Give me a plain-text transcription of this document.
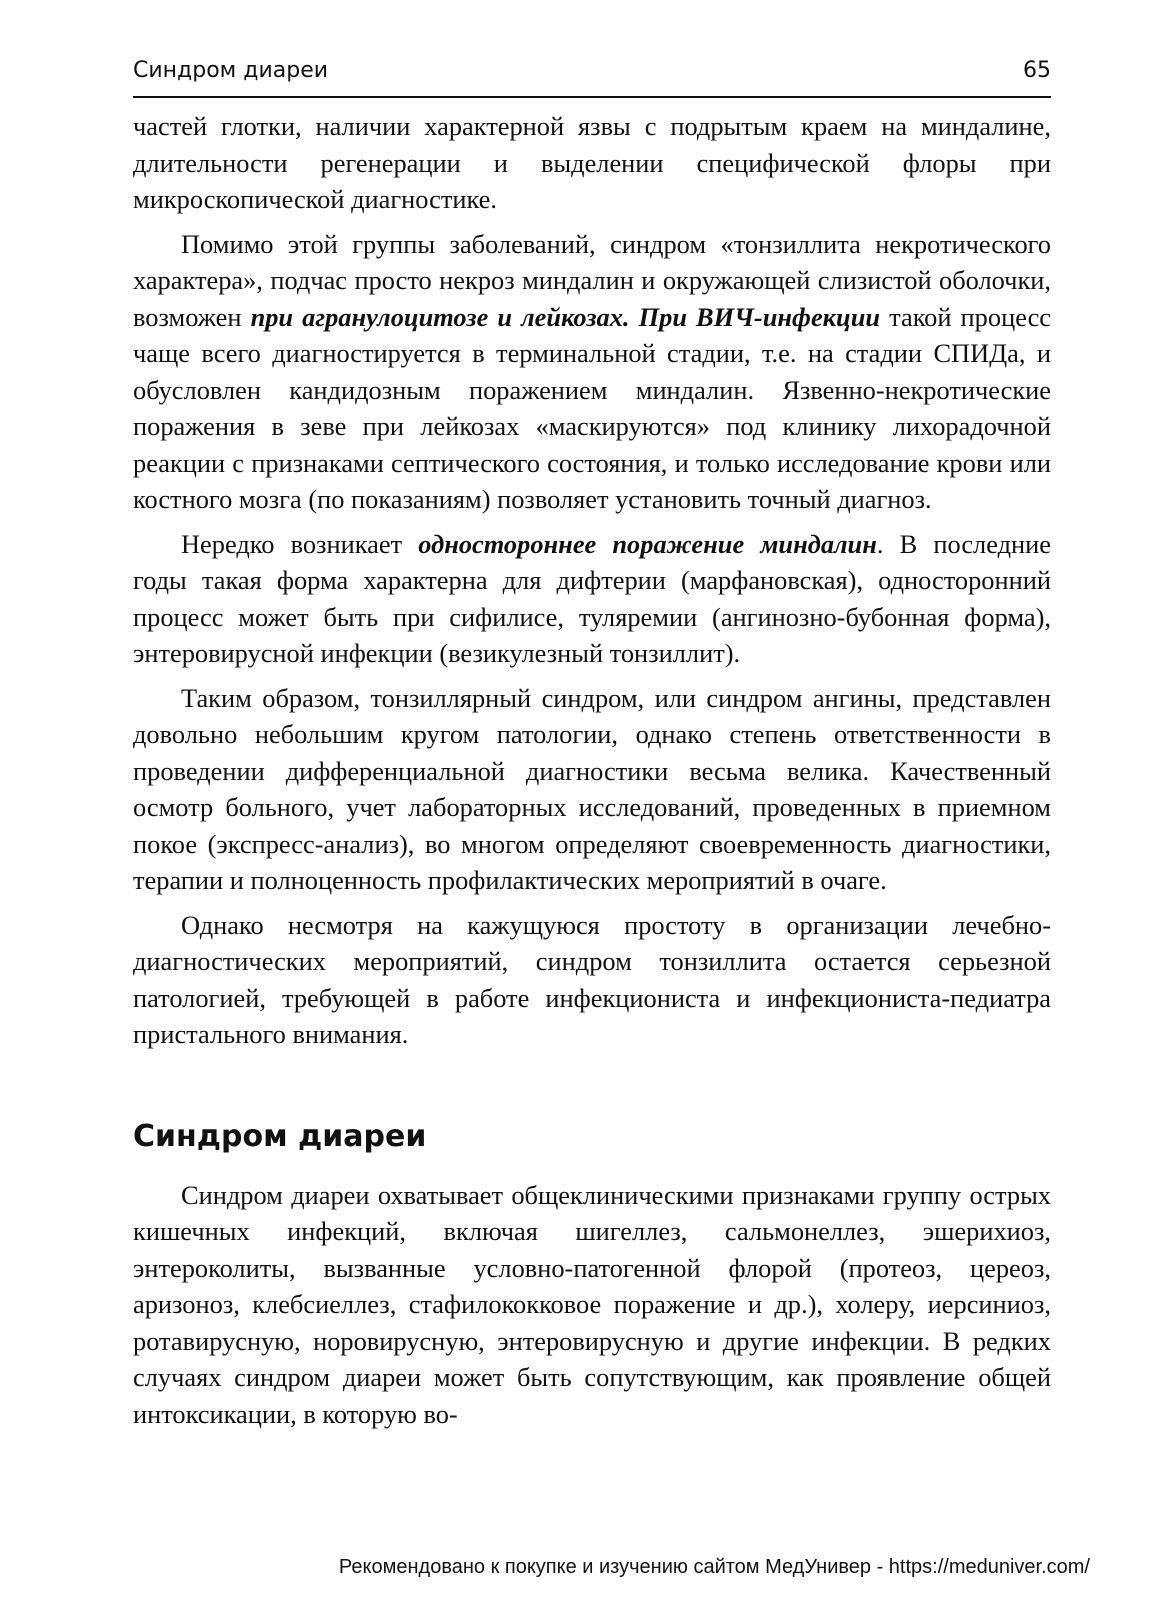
Синдром диареи	65

частей глотки, наличии характерной язвы с подрытым краем на миндалине, длительности регенерации и выделении специфической флоры при микроскопической диагностике.

Помимо этой группы заболеваний, синдром «тонзиллита некротического характера», подчас просто некроз миндалин и окружающей слизистой оболочки, возможен при агранулоцитозе и лейкозах. При ВИЧ-инфекции такой процесс чаще всего диагностируется в терминальной стадии, т.е. на стадии СПИДа, и обусловлен кандидозным поражением миндалин. Язвенно-некротические поражения в зеве при лейкозах «маскируются» под клинику лихорадочной реакции с признаками септического состояния, и только исследование крови или костного мозга (по показаниям) позволяет установить точный диагноз.

Нередко возникает одностороннее поражение миндалин. В последние годы такая форма характерна для дифтерии (марфановская), односторонний процесс может быть при сифилисе, туляремии (ангинозно-бубонная форма), энтеровирусной инфекции (везикулезный тонзиллит).

Таким образом, тонзиллярный синдром, или синдром ангины, представлен довольно небольшим кругом патологии, однако степень ответственности в проведении дифференциальной диагностики весьма велика. Качественный осмотр больного, учет лабораторных исследований, проведенных в приемном покое (экспресс-анализ), во многом определяют своевременность диагностики, терапии и полноценность профилактических мероприятий в очаге.

Однако несмотря на кажущуюся простоту в организации лечебно-диагностических мероприятий, синдром тонзиллита остается серьезной патологией, требующей в работе инфекциониста и инфекциониста-педиатра пристального внимания.

Синдром диареи

Синдром диареи охватывает общеклиническими признаками группу острых кишечных инфекций, включая шигеллез, сальмонеллез, эшерихиоз, энтероколиты, вызванные условно-патогенной флорой (протеоз, цереоз, аризоноз, клебсиеллез, стафилококковое поражение и др.), холеру, иерсиниоз, ротавирусную, норовирусную, энтеровирусную и другие инфекции. В редких случаях синдром диареи может быть сопутствующим, как проявление общей интоксикации, в которую во-

Рекомендовано к покупке и изучению сайтом МедУнивер - https://meduniver.com/
